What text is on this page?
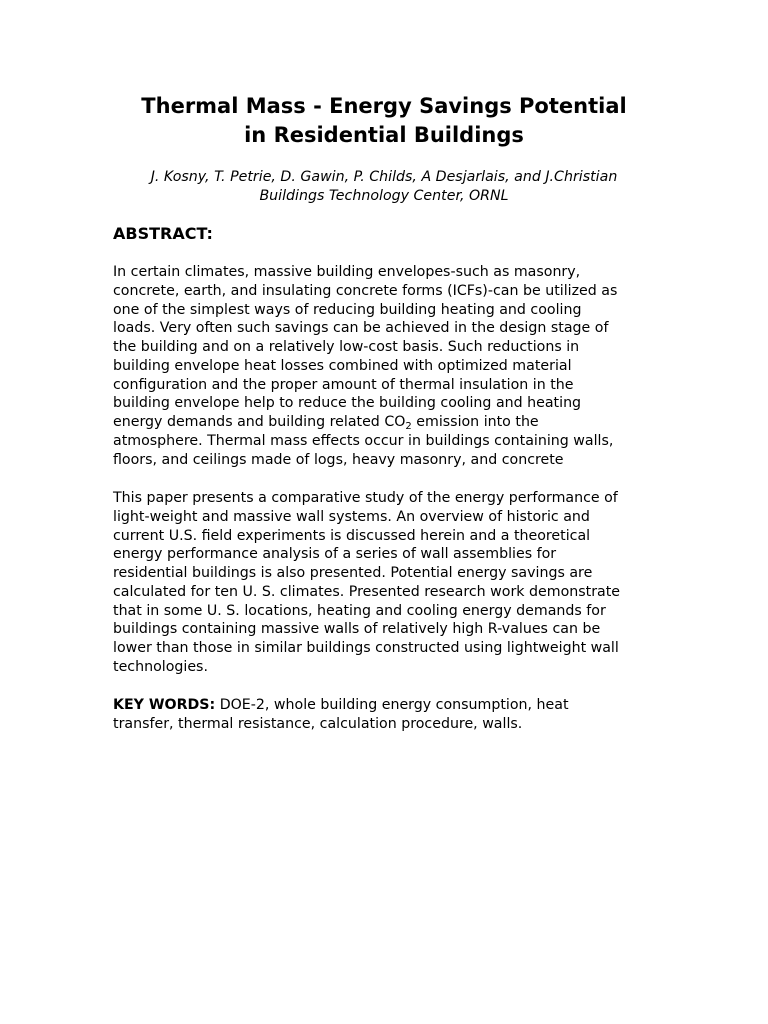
Thermal Mass - Energy Savings Potential
in Residential Buildings
J. Kosny, T. Petrie, D. Gawin, P. Childs, A Desjarlais, and J.Christian
Buildings Technology Center, ORNL
ABSTRACT:

In certain climates, massive building envelopes-such as masonry,
concrete, earth, and insulating concrete forms (ICFs)-can be utilized as
one of the simplest ways of reducing building heating and cooling
loads. Very often such savings can be achieved in the design stage of
the building and on a relatively low-cost basis. Such reductions in
building envelope heat losses combined with optimized material
configuration and the proper amount of thermal insulation in the
building envelope help to reduce the building cooling and heating
energy demands and building related $CO_2$ emission into the
atmosphere. Thermal mass effects occur in buildings containing walls,
floors, and ceilings made of logs, heavy masonry, and concrete

This paper presents a comparative study of the energy performance of
light-weight and massive wall systems. An overview of historic and
current U.S. field experiments is discussed herein and a theoretical
energy performance analysis of a series of wall assemblies for
residential buildings is also presented. Potential energy savings are
calculated for ten U. S. climates. Presented research work demonstrate
that in some U. S. locations, heating and cooling energy demands for
buildings containing massive walls of relatively high R-values can be
lower than those in similar buildings constructed using lightweight wall
technologies.

KEY WORDS: DOE-2, whole building energy consumption, heat
transfer, thermal resistance, calculation procedure, walls.
